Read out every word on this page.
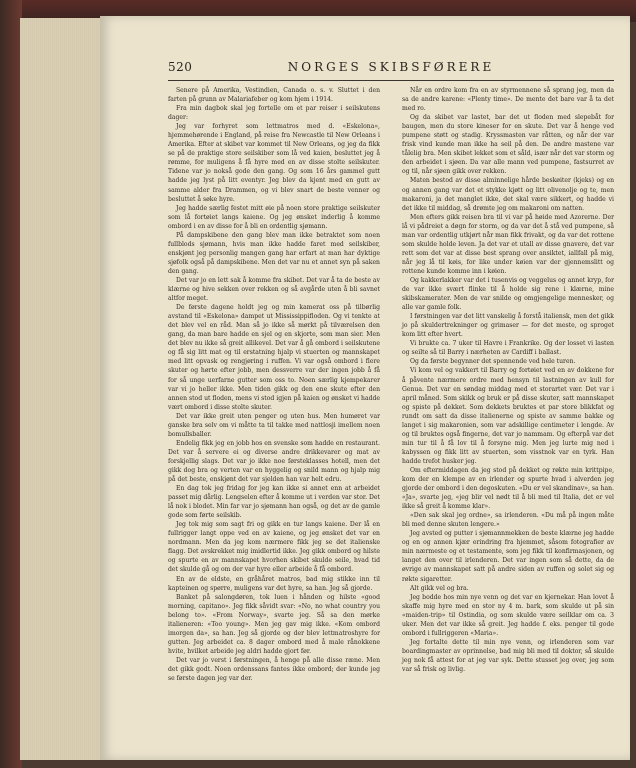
520	NORGES SKIBSFØRERE

Senere på Amerika, Vestindien, Canada o. s. v. Sluttet i den farten på grunn av Malariafeber og kom hjem i 1914.

Fra min dagbok skal jeg fortelle om et par reiser i seilskutens dager:

Jeg var forhyret som lettmatros med d. «Eskelona», hjemmehørende i England, på reise fra Newcastle til New Orleans i Amerika. Efter at skibet var kommet til New Orleans, og jeg da fikk se på de praktige store seilskiber som lå ved kaien, besluttet jeg å rømme, for muligens å få hyre med en av disse stolte seilskuter. Tidene var jo nokså gode den gang. Og som 16 års gammel gutt hadde jeg lyst på litt eventyr. Jeg blev da kjent med en gutt av samme alder fra Drammen, og vi blev snart de beste venner og besluttet å søke hyre.

Jeg hadde særlig festet mitt øie på noen store praktige seilskuter som lå fortøiet langs kaiene. Og jeg ønsket inderlig å komme ombord i en av disse for å bli en ordentlig sjømann.

På dampskibene den gang blev man ikke betraktet som noen fullblods sjømann, hvis man ikke hadde faret med seilskiber, enskjønt jeg personlig mangen gang har erfart at man har dyktige sjøfolk også på dampskibene. Men det var nu et annet syn på saken den gang.

Det var jo en lett sak å komme fra skibet. Det var å ta de beste av klærne og hive sekken over rekken og så avgårde uten å bli savnet altfor meget.

De første dagene holdt jeg og min kamerat oss på tilbørlig avstand til «Eskelona» dampet ut Mississippifloden. Og vi tenkte at det blev vel en råd. Man så jo ikke så mørkt på tilværelsen den gang, da man bare hadde en sjel og en skjorte, som man sier. Men det blev nu ikke så greit allikevel. Det var å gå ombord i seilskutene og få sig litt mat og til erstatning hjalp vi stuerten og mannskapet med litt opvask og rengjøring i ruffen. Vi var også ombord i flere skuter og hørte efter jobb, men dessverre var der ingen jobb å få for så unge uerfarne gutter som oss to. Noen særlig kjempekarer var vi jo heller ikke. Men tiden gikk og den ene skute efter den annen stod ut floden, mens vi stod igjen på kaien og ønsket vi hadde vært ombord i disse stolte skuter.

Det var ikke greit uten penger og uten hus. Men humøret var ganske bra selv om vi måtte ta til takke med nattlosji imellem noen bomullsballer.

Endelig fikk jeg en jobb hos en svenske som hadde en restaurant. Det var å servere ei og diverse andre drikkevarer og mat av forskjellig slags. Det var jo ikke noe førsteklasses hotell, men det gikk dog bra og verten var en hyggelig og snild mann og hjalp mig på det beste, enskjønt det var sjelden han var helt edru.

En dag tok jeg fridag for jeg kan ikke si annet enn at arbeidet passet mig dårlig. Lengselen efter å komme ut i verden var stor. Det lå nok i blodet. Min far var jo sjømann han også, og det av de gamle gode som førte seilskib.

Jeg tok mig som sagt fri og gikk en tur langs kaiene. Der lå en fullrigger langt oppe ved en av kaiene, og jeg ønsket det var en nordmann. Men da jeg kom nærmere fikk jeg se det italienske flagg. Det avskrekket mig imidlertid ikke. Jeg gikk ombord og hilste og spurte en av mannskapet hvorhen skibet skulde seile, hvad tid det skulde gå og om der var hyre eller arbeide å få ombord.

En av de eldste, en gråhåret matros, bad mig stikke inn til kapteinen og spørre, muligens var det hyre, sa han. Jeg så gjorde.

Banket på salongdøren, tok luen i hånden og hilste «good morning, capitano». Jeg fikk såvidt svar: «No, no what country you belong to». «From Norway», svarte jeg. Så sa den mørke italieneren: «Too young». Men jeg gav mig ikke. «Kom ombord imorgen da», sa han. Jeg så gjorde og der blev lettmatroshyre for gutten. Jeg arbeidet ca. 8 dager ombord med å male rånokkene hvite, hvilket arbeide jeg aldri hadde gjort før.

Det var jo verst i førstningen, å henge på alle disse ræne. Men det gikk godt. Noen ordenssans fantes ikke ombord; der kunde jeg se første dagen jeg var der.

Når en ordre kom fra en av styrmennene så sprang jeg, men da sa de andre karene: «Plenty time». De mente det bare var å ta det med ro.

Og da skibet var lastet, bar det ut floden med slepebåt for baugen, men du store kineser for en skute. Det var å henge ved pumpene støtt og stadig. Kryssmasten var råtten, og når der var frisk vind kunde man ikke ha seil på den. De andre mastene var tålelig bra. Men skibet lekket som et såld, især når det var storm og den arbeidet i sjøen. Da var alle mann ved pumpene, fastsurret av og til, når sjøen gikk over rekken.

Maten bestod av disse alminnelige hårde beskøiter (kjeks) og en og annen gang var det et stykke kjøtt og litt olivenolje og te, men makaroni, ja det manglet ikke, det skal være sikkert, og hadde vi det ikke til middag, så drømte jeg om makaroni om natten.

Men efters gikk reisen bra til vi var på høide med Azorerne. Der lå vi pådreiet a døgn for storm, og da var det å stå ved pumpene, så man var ordentlig utkjørt når man fikk frivakt, og da var det rottene som skulde holde leven. Ja det var et utall av disse gnavere, det var rett som det var at disse best sprang over ansiktet, iallfall på mig, når jeg lå til køis, for like under køien var der gjennemslitt og rottene kunde komme inn i køien.

Og kakkerlakker var det i tusenvis og veggelus og annet kryp, for de var ikke svært flinke til å holde sig rene i klærne, mine skibskamerater. Men de var snilde og omgjengelige mennesker, og alle var gamle folk.

I førstningen var det litt vanskelig å forstå italiensk, men det gikk jo på skuldertrekninger og grimaser — for det meste, og sproget kom litt efter hvert.

Vi brukte ca. 7 uker til Havre i Frankrike. Og der losset vi lasten og seilte så til Barry i nærheten av Cardiff i ballast.

Og da første begynner det spennende ved hele turen.

Vi kom vel og vakkert til Barry og fortøiet ved en av dokkene for å påvente nærmere ordre med hensyn til lastningen av kull for Genua. Det var en søndag middag med et storartet vær. Det var i april måned. Som skikk og bruk er på disse skuter, satt mannskapet og spiste på dekket. Som dekkets bruktes et par store blikkfat og rundt om satt da disse italienerne og spiste av samme bakke og langet i sig makaronien, som var adskillige centimeter i lengde. Av og til bruktes også fingerne, det var jo nammam. Og efterpå var det min tur til å få lov til å forsyne mig. Men jeg lurte mig ned i kabyssen og fikk litt av stuerten, som visstnok var en tyrk. Han hadde trefot husker jeg.

Om eftermiddagen da jeg stod på dekket og røkte min krittpipe, kom der en klempe av en irlender og spurte hvad i alverden jeg gjorde der ombord i den degoskuten. «Du er vel skandinav», sa han. «Ja», svarte jeg, «jeg blir vel nødt til å bli med til Italia, det er vel ikke så greit å komme klar».

«Den sak skal jeg ordne», sa irlenderen. «Du må på ingen måte bli med denne skuten lengere.»

Jeg avsted og putter i sjømannmekken de beste klærne jeg hadde og en og annen kjær erindring fra hjemmet, såsom fotografier av min nærmeste og et testamente, som jeg fikk til konfirmasjonen, og langet den over til irlenderen. Det var ingen som så dette, da de øvrige av mannskapet satt på andre siden av ruffen og solet sig og røkte sigaretter.

Alt gikk vel og bra.

Jeg bodde hos min nye venn og det var en kjernekar. Han lovet å skaffe mig hyre med en stor ny 4 m. bark, som skulde ut på sin «maiden-trip» til Ostindia, og som skulde være seilklar om ca. 3 uker. Men det var ikke så greit. Jeg hadde f. eks. penger til gode ombord i fullriggeren «Maria».

Jeg fortalte dette til min nye venn, og irlenderen som var boardingmaster av oprinnelse, bad mig bli med til doktor, så skulde jeg nok få attest for at jeg var syk. Dette stusset jeg over, jeg som var så frisk og livlig.
